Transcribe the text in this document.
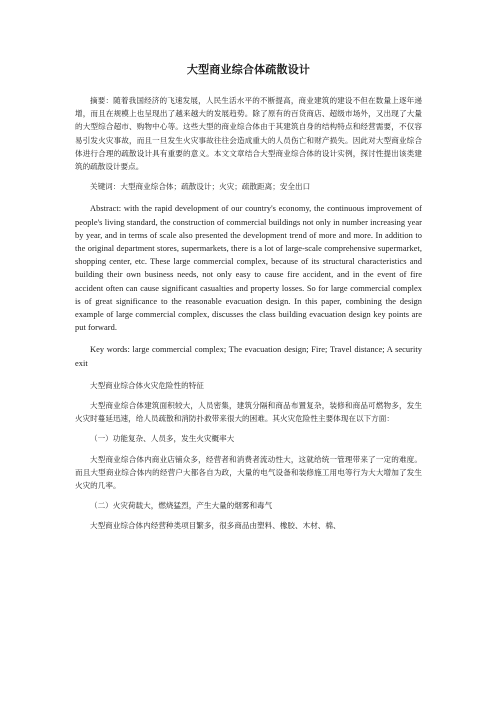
大型商业综合体疏散设计

摘要：随着我国经济的飞速发展，人民生活水平的不断提高，商业建筑的建设不但在数量上逐年递增，而且在规模上也呈现出了越来越大的发展趋势。除了原有的百货商店、超级市场外，又出现了大量的大型综合超市、购物中心等。这些大型的商业综合体由于其建筑自身的结构特点和经营需要，不仅容易引发火灾事故，而且一旦发生火灾事故往往会造成重大的人员伤亡和财产损失。因此对大型商业综合体进行合理的疏散设计具有重要的意义。本文文章结合大型商业综合体的设计实例，探讨性提出该类建筑的疏散设计要点。

关键词：大型商业综合体；疏散设计；火灾；疏散距离；安全出口

Abstract: with the rapid development of our country's economy, the continuous improvement of people's living standard, the construction of commercial buildings not only in number increasing year by year, and in terms of scale also presented the development trend of more and more. In addition to the original department stores, supermarkets, there is a lot of large-scale comprehensive supermarket, shopping center, etc. These large commercial complex, because of its structural characteristics and building their own business needs, not only easy to cause fire accident, and in the event of fire accident often can cause significant casualties and property losses. So for large commercial complex is of great significance to the reasonable evacuation design. In this paper, combining the design example of large commercial complex, discusses the class building evacuation design key points are put forward.

Key words: large commercial complex; The evacuation design; Fire; Travel distance; A security exit

大型商业综合体火灾危险性的特征

大型商业综合体建筑面积较大，人员密集，建筑分隔和商品布置复杂，装修和商品可燃物多，发生火灾时蔓延迅速，给人员疏散和消防扑救带来很大的困难。其火灾危险性主要体现在以下方面：

（一）功能复杂、人员多，发生火灾概率大

大型商业综合体内商业店铺众多，经营者和消费者流动性大，这就给统一管理带来了一定的难度。而且大型商业综合体内的经营户大都各自为政，大量的电气设备和装修施工用电等行为大大增加了发生火灾的几率。

（二）火灾荷载大，燃烧猛烈，产生大量的烟雾和毒气

大型商业综合体内经营种类项目繁多，很多商品由塑料、橡胶、木材、棉、
